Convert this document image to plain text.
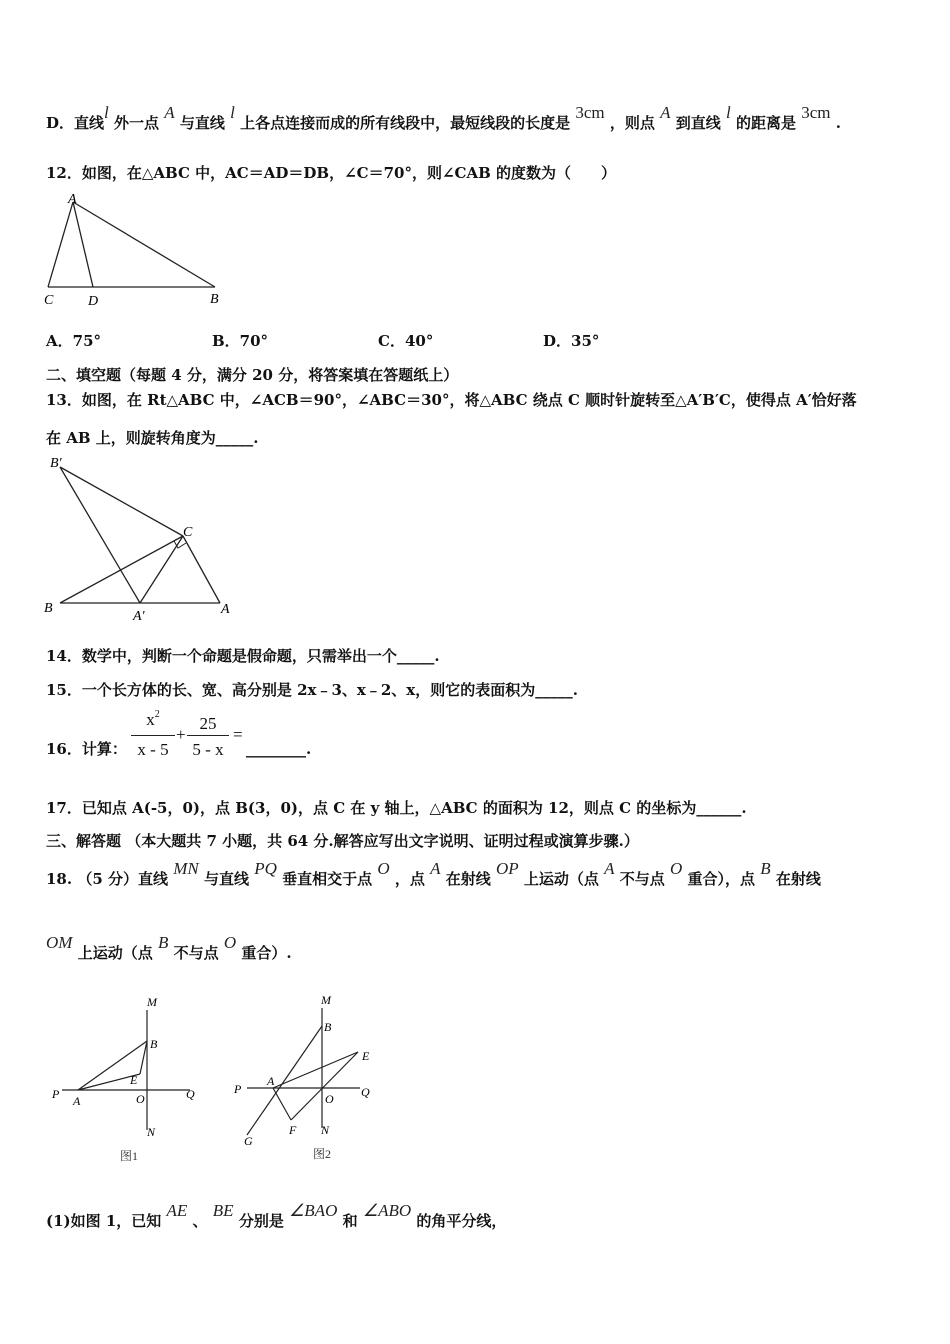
D．直线l 外一点 A 与直线 l 上各点连接而成的所有线段中，最短线段的长度是 3cm ，则点 A 到直线 l 的距离是 3cm .
12．如图，在△ABC 中，AC＝AD＝DB，∠C＝70°，则∠CAB 的度数为（　　）
A
C D	B
A．75°	B．70°	C．40°	D．35°
二、填空题（每题 4 分，满分 20 分，将答案填在答题纸上）
13．如图，在 Rt△ABC 中，∠ACB＝90°，∠ABC＝30°，将△ABC 绕点 C 顺时针旋转至△A′B′C，使得点 A′恰好落
在 AB 上，则旋转角度为_____.
B′
C
B
A′	A
14．数学中，判断一个命题是假命题，只需举出一个_____.
15．一个长方体的长、宽、高分别是 2x﹣3、x﹣2、x，则它的表面积为_____.
16．计算：
$x^2$
x - 5
+
25
5 - x
=
________.
17．已知点 A(-5，0)，点 B(3，0)，点 C 在 y 轴上，△ABC 的面积为 12，则点 C 的坐标为______.
三、解答题 （本大题共 7 小题，共 64 分.解答应写出文字说明、证明过程或演算步骤.）
18. （5 分）直线 MN 与直线 PQ 垂直相交于点 O ，点 A 在射线 OP 上运动（点 A 不与点 O 重合），点 B 在射线
OM 上运动（点 B 不与点 O 重合）.
M
B
E
P A	O	Q
N
图1
M
B
E
P
A
O Q
G
F N
图2
(1)如图 1，已知 AE 、 BE 分别是 ∠BAO 和 ∠ABO 的角平分线，
